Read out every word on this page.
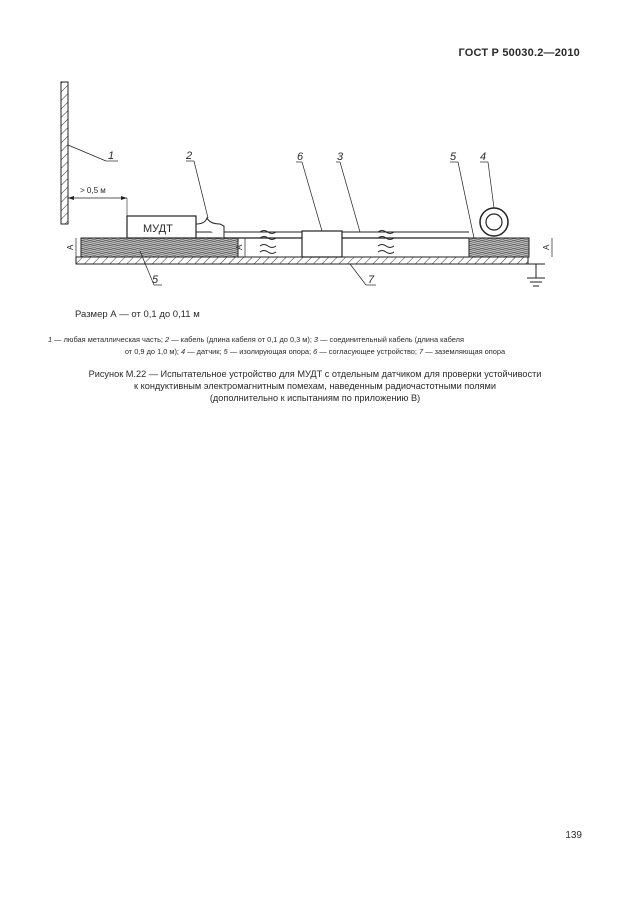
ГОСТ Р 50030.2—2010
МУДТ
> 0,5 м
А	А	А
1	2	6	3	5 4
5	7
Размер А — от 0,1 до 0,11 м
1 — любая металлическая часть; 2 — кабель (длина кабеля от 0,1 до 0,3 м); 3 — соединительный кабель (длина кабеля
от 0,9 до 1,0 м); 4 — датчик; 5 — изолирующая опора; 6 — согласующее устройство; 7 — заземляющая опора
Рисунок M.22 — Испытательное устройство для МУДТ с отдельным датчиком для проверки устойчивости
к кондуктивным электромагнитным помехам, наведенным радиочастотными полями
(дополнительно к испытаниям по приложению В)
139
